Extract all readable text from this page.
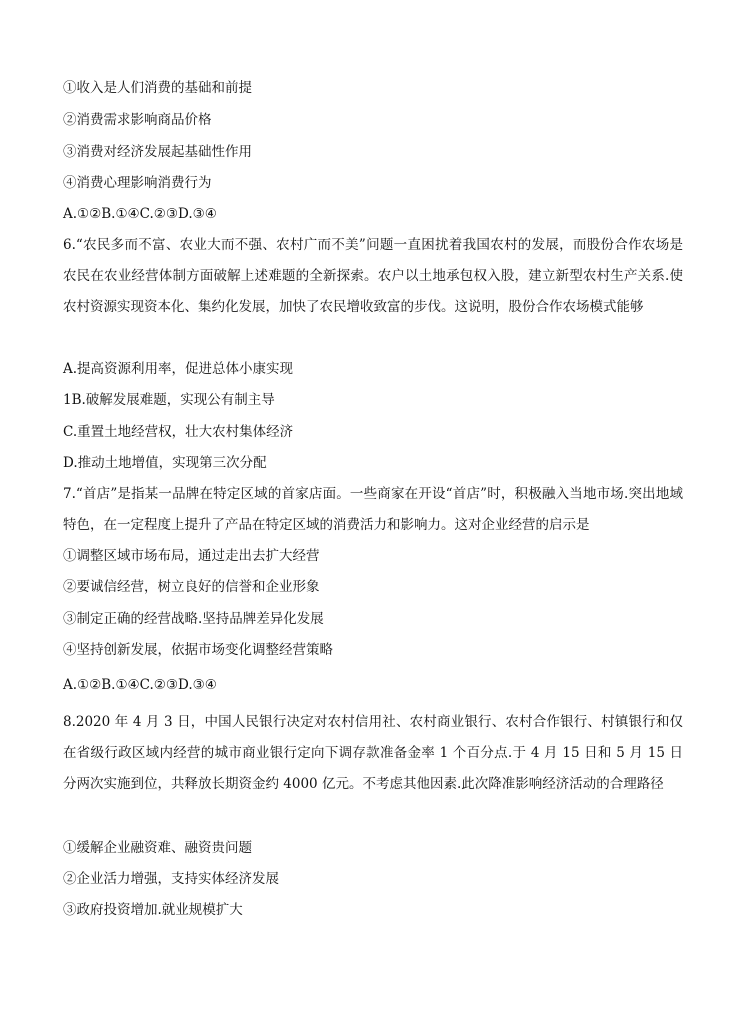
①收入是人们消费的基础和前提
②消费需求影响商品价格
③消费对经济发展起基础性作用
④消费心理影响消费行为
A.①②B.①④C.②③D.③④
6.“农民多而不富、农业大而不强、农村广而不美”问题一直困扰着我国农村的发展，而股份合作农场是农民在农业经营体制方面破解上述难题的全新探索。农户以土地承包权入股，建立新型农村生产关系.使农村资源实现资本化、集约化发展，加快了农民增收致富的步伐。这说明，股份合作农场模式能够
A.提高资源利用率，促进总体小康实现
1B.破解发展难题，实现公有制主导
C.重置土地经营权，壮大农村集体经济
D.推动土地增值，实现第三次分配
7.“首店”是指某一品牌在特定区域的首家店面。一些商家在开设“首店”时，积极融入当地市场.突出地域特色，在一定程度上提升了产品在特定区域的消费活力和影响力。这对企业经营的启示是
①调整区域市场布局，通过走出去扩大经营
②要诚信经营，树立良好的信誉和企业形象
③制定正确的经营战略.坚持品牌差异化发展
④坚持创新发展，依据市场变化调整经营策略
A.①②B.①④C.②③D.③④
8.2020 年 4 月 3 日，中国人民银行决定对农村信用社、农村商业银行、农村合作银行、村镇银行和仅在省级行政区域内经营的城市商业银行定向下调存款准备金率 1 个百分点.于 4 月 15 日和 5 月 15 日分两次实施到位，共释放长期资金约 4000 亿元。不考虑其他因素.此次降准影响经济活动的合理路径
①缓解企业融资难、融资贵问题
②企业活力增强，支持实体经济发展
③政府投资增加.就业规模扩大
